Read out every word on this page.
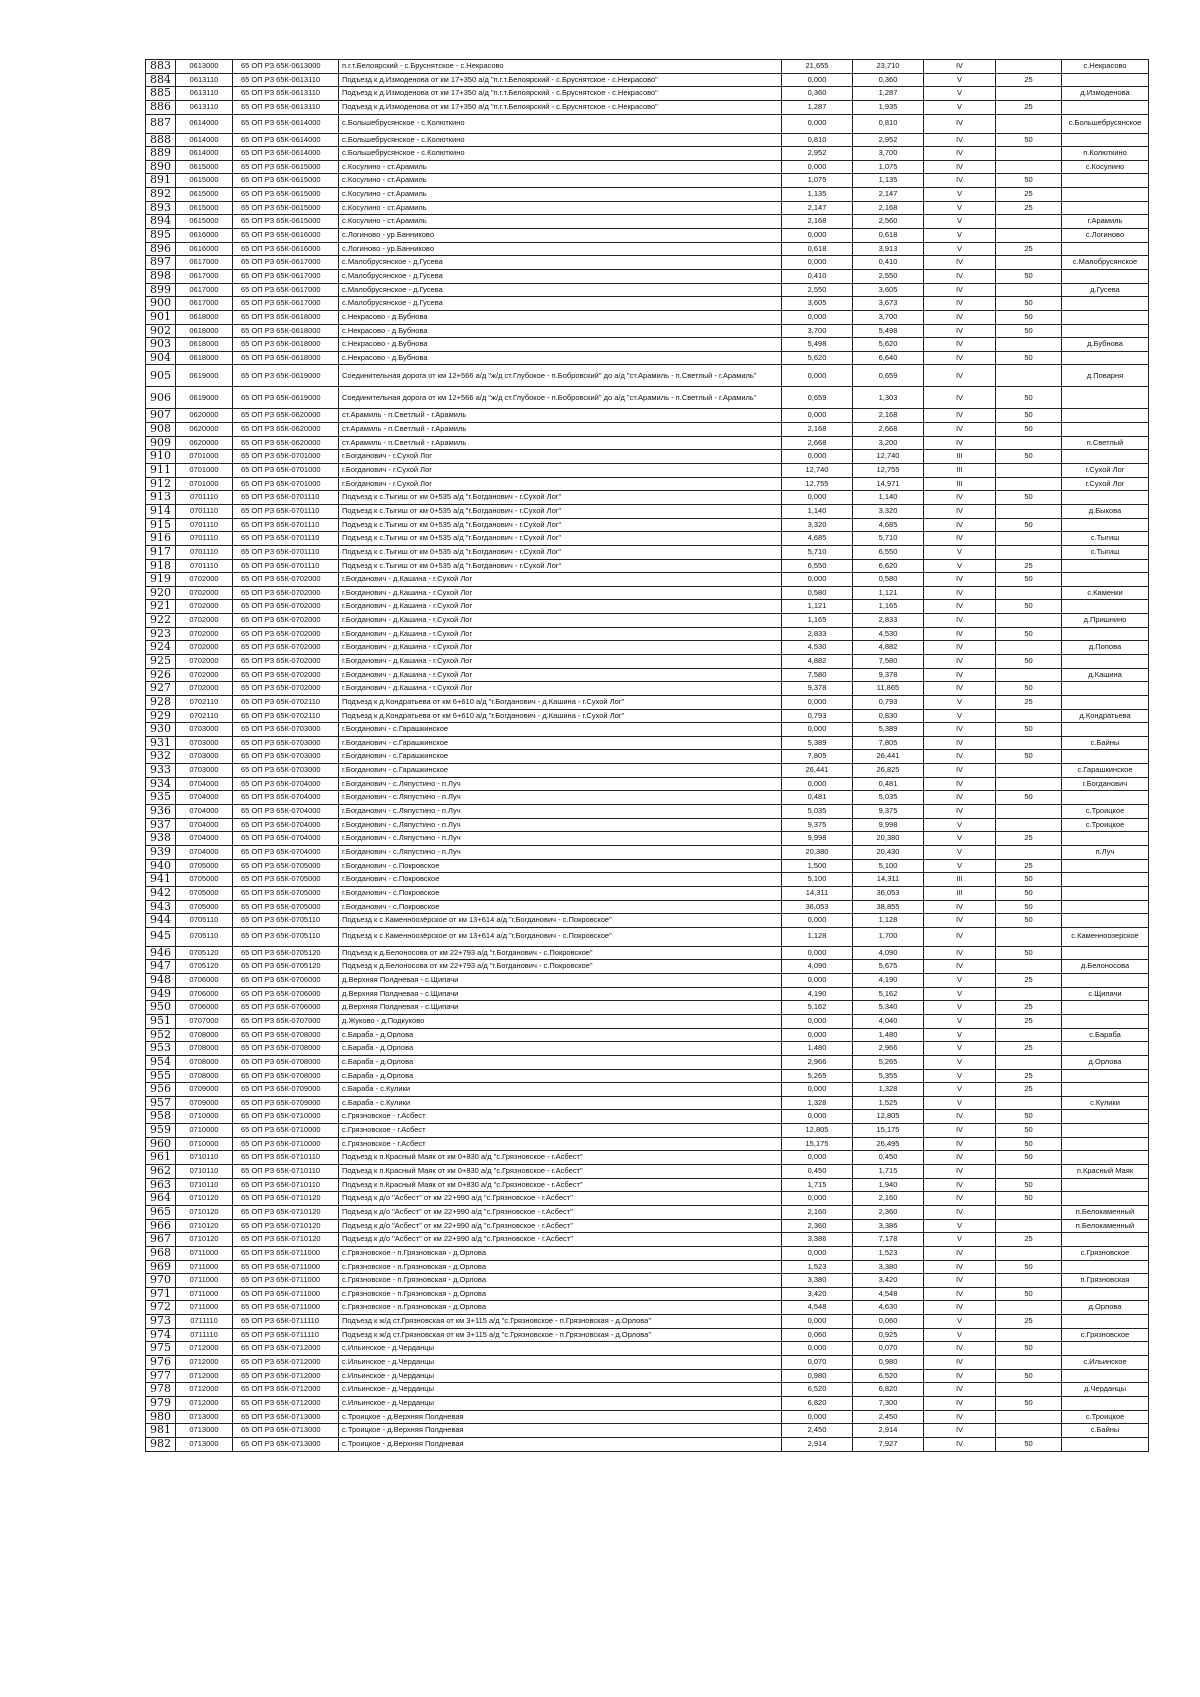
883	0613000	65 ОП РЗ 65К-0613000	п.г.т.Белоярский - с.Бруснятское - с.Некрасово	21,655	23,710	IV		с.Некрасово
884	0613110	65 ОП РЗ 65К-0613110	Подъезд к д.Измоденова от км 17+350 а/д "п.г.т.Белоярский - с.Бруснятское - с.Некрасово"	0,000	0,360	V	25	
885	0613110	65 ОП РЗ 65К-0613110	Подъезд к д.Измоденова от км 17+350 а/д "п.г.т.Белоярский - с.Бруснятское - с.Некрасово"	0,360	1,287	V		д.Измоденова
886	0613110	65 ОП РЗ 65К-0613110	Подъезд к д.Измоденова от км 17+350 а/д "п.г.т.Белоярский - с.Бруснятское - с.Некрасово"	1,287	1,935	V	25	
887	0614000	65 ОП РЗ 65К-0614000	с.Большебрусянское - с.Колюткино	0,000	0,810	IV		с.Большебрусянское
888	0614000	65 ОП РЗ 65К-0614000	с.Большебрусянское - с.Колюткино	0,810	2,952	IV	50	
889	0614000	65 ОП РЗ 65К-0614000	с.Большебрусянское - с.Колюткино	2,952	3,700	IV		п.Колюткино
890	0615000	65 ОП РЗ 65К-0615000	с.Косулино - ст.Арамиль	0,000	1,075	IV		с.Косулино
891	0615000	65 ОП РЗ 65К-0615000	с.Косулино - ст.Арамиль	1,075	1,135	IV	50	
892	0615000	65 ОП РЗ 65К-0615000	с.Косулино - ст.Арамиль	1,135	2,147	V	25	
893	0615000	65 ОП РЗ 65К-0615000	с.Косулино - ст.Арамиль	2,147	2,168	V	25	
894	0615000	65 ОП РЗ 65К-0615000	с.Косулино - ст.Арамиль	2,168	2,560	V		г.Арамиль
895	0616000	65 ОП РЗ 65К-0616000	с.Логиново - ур.Банниково	0,000	0,618	V		с.Логиново
896	0616000	65 ОП РЗ 65К-0616000	с.Логиново - ур.Банниково	0,618	3,913	V	25	
897	0617000	65 ОП РЗ 65К-0617000	с.Малобрусянское - д.Гусева	0,000	0,410	IV		с.Малобрусянское
898	0617000	65 ОП РЗ 65К-0617000	с.Малобрусянское - д.Гусева	0,410	2,550	IV	50	
899	0617000	65 ОП РЗ 65К-0617000	с.Малобрусянское - д.Гусева	2,550	3,605	IV		д.Гусева
900	0617000	65 ОП РЗ 65К-0617000	с.Малобрусянское - д.Гусева	3,605	3,673	IV	50	
901	0618000	65 ОП РЗ 65К-0618000	с.Некрасово - д.Бубнова	0,000	3,700	IV	50	
902	0618000	65 ОП РЗ 65К-0618000	с.Некрасово - д.Бубнова	3,700	5,498	IV	50	
903	0618000	65 ОП РЗ 65К-0618000	с.Некрасово - д.Бубнова	5,498	5,620	IV		д.Бубнова
904	0618000	65 ОП РЗ 65К-0618000	с.Некрасово - д.Бубнова	5,620	6,640	IV	50	
905	0619000	65 ОП РЗ 65К-0619000	Соединительная дорога от км 12+566 а/д "ж/д ст.Глубокое - п.Бобровский" до а/д "ст.Арамиль - п.Светлый - г.Арамиль"	0,000	0,659	IV		д.Поварня
906	0619000	65 ОП РЗ 65К-0619000	Соединительная дорога от км 12+566 а/д "ж/д ст.Глубокое - п.Бобровский" до а/д "ст.Арамиль - п.Светлый - г.Арамиль"	0,659	1,303	IV	50	
907	0620000	65 ОП РЗ 65К-0620000	ст.Арамиль - п.Светлый - г.Арамиль	0,000	2,168	IV	50	
908	0620000	65 ОП РЗ 65К-0620000	ст.Арамиль - п.Светлый - г.Арамиль	2,168	2,668	IV	50	
909	0620000	65 ОП РЗ 65К-0620000	ст.Арамиль - п.Светлый - г.Арамиль	2,668	3,200	IV		п.Светлый
910	0701000	65 ОП РЗ 65К-0701000	г.Богданович - г.Сухой Лог	0,000	12,740	III	50	
911	0701000	65 ОП РЗ 65К-0701000	г.Богданович - г.Сухой Лог	12,740	12,755	III		г.Сухой Лог
912	0701000	65 ОП РЗ 65К-0701000	г.Богданович - г.Сухой Лог	12,755	14,971	III		г.Сухой Лог
913	0701110	65 ОП РЗ 65К-0701110	Подъезд к с.Тыгиш от км 0+535 а/д "г.Богданович - г.Сухой Лог"	0,000	1,140	IV	50	
914	0701110	65 ОП РЗ 65К-0701110	Подъезд к с.Тыгиш от км 0+535 а/д "г.Богданович - г.Сухой Лог"	1,140	3,320	IV		д.Быкова
915	0701110	65 ОП РЗ 65К-0701110	Подъезд к с.Тыгиш от км 0+535 а/д "г.Богданович - г.Сухой Лог"	3,320	4,685	IV	50	
916	0701110	65 ОП РЗ 65К-0701110	Подъезд к с.Тыгиш от км 0+535 а/д "г.Богданович - г.Сухой Лог"	4,685	5,710	IV		с.Тыгиш
917	0701110	65 ОП РЗ 65К-0701110	Подъезд к с.Тыгиш от км 0+535 а/д "г.Богданович - г.Сухой Лог"	5,710	6,550	V		с.Тыгиш
918	0701110	65 ОП РЗ 65К-0701110	Подъезд к с.Тыгиш от км 0+535 а/д "г.Богданович - г.Сухой Лог"	6,550	6,620	V	25	
919	0702000	65 ОП РЗ 65К-0702000	г.Богданович - д.Кашина - г.Сухой Лог	0,000	0,580	IV	50	
920	0702000	65 ОП РЗ 65К-0702000	г.Богданович - д.Кашина - г.Сухой Лог	0,580	1,121	IV		с.Каменки
921	0702000	65 ОП РЗ 65К-0702000	г.Богданович - д.Кашина - г.Сухой Лог	1,121	1,165	IV	50	
922	0702000	65 ОП РЗ 65К-0702000	г.Богданович - д.Кашина - г.Сухой Лог	1,165	2,833	IV		д.Пришнино
923	0702000	65 ОП РЗ 65К-0702000	г.Богданович - д.Кашина - г.Сухой Лог	2,833	4,530	IV	50	
924	0702000	65 ОП РЗ 65К-0702000	г.Богданович - д.Кашина - г.Сухой Лог	4,530	4,882	IV		д.Попова
925	0702000	65 ОП РЗ 65К-0702000	г.Богданович - д.Кашина - г.Сухой Лог	4,882	7,580	IV	50	
926	0702000	65 ОП РЗ 65К-0702000	г.Богданович - д.Кашина - г.Сухой Лог	7,580	9,378	IV		д.Кашина
927	0702000	65 ОП РЗ 65К-0702000	г.Богданович - д.Кашина - г.Сухой Лог	9,378	11,865	IV	50	
928	0702110	65 ОП РЗ 65К-0702110	Подъезд к д.Кондратьева от км 6+610 а/д "г.Богданович - д.Кашина - г.Сухой Лог"	0,000	0,793	V	25	
929	0702110	65 ОП РЗ 65К-0702110	Подъезд к д.Кондратьева от км 6+610 а/д "г.Богданович - д.Кашина - г.Сухой Лог"	0,793	0,830	V		д.Кондратьева
930	0703000	65 ОП РЗ 65К-0703000	г.Богданович - с.Гарашкинское	0,000	5,389	IV	50	
931	0703000	65 ОП РЗ 65К-0703000	г.Богданович - с.Гарашкинское	5,389	7,805	IV		с.Байны
932	0703000	65 ОП РЗ 65К-0703000	г.Богданович - с.Гарашкинское	7,805	26,441	IV	50	
933	0703000	65 ОП РЗ 65К-0703000	г.Богданович - с.Гарашкинское	26,441	26,825	IV		с.Гарашкинское
934	0704000	65 ОП РЗ 65К-0704000	г.Богданович - с.Ляпустино - п.Луч	0,000	0,481	IV		г.Богданович
935	0704000	65 ОП РЗ 65К-0704000	г.Богданович - с.Ляпустино - п.Луч	0,481	5,035	IV	50	
936	0704000	65 ОП РЗ 65К-0704000	г.Богданович - с.Ляпустино - п.Луч	5,035	9,375	IV		с.Троицкое
937	0704000	65 ОП РЗ 65К-0704000	г.Богданович - с.Ляпустино - п.Луч	9,375	9,998	V		с.Троицкое
938	0704000	65 ОП РЗ 65К-0704000	г.Богданович - с.Ляпустино - п.Луч	9,998	20,380	V	25	
939	0704000	65 ОП РЗ 65К-0704000	г.Богданович - с.Ляпустино - п.Луч	20,380	20,430	V		п.Луч
940	0705000	65 ОП РЗ 65К-0705000	г.Богданович - с.Покровское	1,500	5,100	V	25	
941	0705000	65 ОП РЗ 65К-0705000	г.Богданович - с.Покровское	5,100	14,311	III	50	
942	0705000	65 ОП РЗ 65К-0705000	г.Богданович - с.Покровское	14,311	36,053	III	50	
943	0705000	65 ОП РЗ 65К-0705000	г.Богданович - с.Покровское	36,053	38,855	IV	50	
944	0705110	65 ОП РЗ 65К-0705110	Подъезд к с.Каменноозёрское от км 13+614 а/д "г.Богданович - с.Покровское"	0,000	1,128	IV	50	
945	0705110	65 ОП РЗ 65К-0705110	Подъезд к с.Каменноозёрское от км 13+614 а/д "г.Богданович - с.Покровское"	1,128	1,700	IV		с.Каменноозерское
946	0705120	65 ОП РЗ 65К-0705120	Подъезд к д.Белоносова от км 22+793 а/д "г.Богданович - с.Покровское"	0,000	4,090	IV	50	
947	0705120	65 ОП РЗ 65К-0705120	Подъезд к д.Белоносова от км 22+793 а/д "г.Богданович - с.Покровское"	4,090	5,675	IV		д.Белоносова
948	0706000	65 ОП РЗ 65К-0706000	д.Верхняя Полдневая - с.Щипачи	0,000	4,190	V	25	
949	0706000	65 ОП РЗ 65К-0706000	д.Верхняя Полдневая - с.Щипачи	4,190	5,162	V		с.Щипачи
950	0706000	65 ОП РЗ 65К-0706000	д.Верхняя Полдневая - с.Щипачи	5,162	5,340	V	25	
951	0707000	65 ОП РЗ 65К-0707000	д.Жуково - д.Подкуково	0,000	4,040	V	25	
952	0708000	65 ОП РЗ 65К-0708000	с.Бараба - д.Орлова	0,000	1,480	V		с.Бараба
953	0708000	65 ОП РЗ 65К-0708000	с.Бараба - д.Орлова	1,480	2,966	V	25	
954	0708000	65 ОП РЗ 65К-0708000	с.Бараба - д.Орлова	2,966	5,265	V		д.Орлова
955	0708000	65 ОП РЗ 65К-0708000	с.Бараба - д.Орлова	5,265	5,355	V	25	
956	0709000	65 ОП РЗ 65К-0709000	с.Бараба - с.Кулики	0,000	1,328	V	25	
957	0709000	65 ОП РЗ 65К-0709000	с.Бараба - с.Кулики	1,328	1,525	V		с.Кулики
958	0710000	65 ОП РЗ 65К-0710000	с.Грязновское - г.Асбест	0,000	12,805	IV	50	
959	0710000	65 ОП РЗ 65К-0710000	с.Грязновское - г.Асбест	12,805	15,175	IV	50	
960	0710000	65 ОП РЗ 65К-0710000	с.Грязновское - г.Асбест	15,175	26,495	IV	50	
961	0710110	65 ОП РЗ 65К-0710110	Подъезд к п.Красный Маяк от км 0+830 а/д "с.Грязновское - г.Асбест"	0,000	0,450	IV	50	
962	0710110	65 ОП РЗ 65К-0710110	Подъезд к п.Красный Маяк от км 0+830 а/д "с.Грязновское - г.Асбест"	0,450	1,715	IV		п.Красный Маяк
963	0710110	65 ОП РЗ 65К-0710110	Подъезд к п.Красный Маяк от км 0+830 а/д "с.Грязновское - г.Асбест"	1,715	1,940	IV	50	
964	0710120	65 ОП РЗ 65К-0710120	Подъезд к д/о "Асбест" от км 22+990 а/д "с.Грязновское - г.Асбест"	0,000	2,160	IV	50	
965	0710120	65 ОП РЗ 65К-0710120	Подъезд к д/о "Асбест" от км 22+990 а/д "с.Грязновское - г.Асбест"	2,160	2,360	IV		п.Белокаменный
966	0710120	65 ОП РЗ 65К-0710120	Подъезд к д/о "Асбест" от км 22+990 а/д "с.Грязновское - г.Асбест"	2,360	3,386	V		п.Белокаменный
967	0710120	65 ОП РЗ 65К-0710120	Подъезд к д/о "Асбест" от км 22+990 а/д "с.Грязновское - г.Асбест"	3,386	7,178	V	25	
968	0711000	65 ОП РЗ 65К-0711000	с.Грязновское - п.Грязновская - д.Орлова	0,000	1,523	IV		с.Грязновское
969	0711000	65 ОП РЗ 65К-0711000	с.Грязновское - п.Грязновская - д.Орлова	1,523	3,380	IV	50	
970	0711000	65 ОП РЗ 65К-0711000	с.Грязновское - п.Грязновская - д.Орлова	3,380	3,420	IV		п.Грязновская
971	0711000	65 ОП РЗ 65К-0711000	с.Грязновское - п.Грязновская - д.Орлова	3,420	4,548	IV	50	
972	0711000	65 ОП РЗ 65К-0711000	с.Грязновское - п.Грязновская - д.Орлова	4,548	4,630	IV		д.Орлова
973	0711110	65 ОП РЗ 65К-0711110	Подъезд к ж/д ст.Грязновская от км 3+115 а/д "с.Грязновское - п.Грязновская - д.Орлова"	0,000	0,060	V	25	
974	0711110	65 ОП РЗ 65К-0711110	Подъезд к ж/д ст.Грязновская от км 3+115 а/д "с.Грязновское - п.Грязновская - д.Орлова"	0,060	0,925	V		с.Грязновское
975	0712000	65 ОП РЗ 65К-0712000	с.Ильинское - д.Черданцы	0,000	0,070	IV	50	
976	0712000	65 ОП РЗ 65К-0712000	с.Ильинское - д.Черданцы	0,070	0,980	IV		с.Ильинское
977	0712000	65 ОП РЗ 65К-0712000	с.Ильинское - д.Черданцы	0,980	6,520	IV	50	
978	0712000	65 ОП РЗ 65К-0712000	с.Ильинское - д.Черданцы	6,520	6,820	IV		д.Черданцы
979	0712000	65 ОП РЗ 65К-0712000	с.Ильинское - д.Черданцы	6,820	7,300	IV	50	
980	0713000	65 ОП РЗ 65К-0713000	с.Троицкое - д.Верхняя Полдневая	0,000	2,450	IV		с.Троицкое
981	0713000	65 ОП РЗ 65К-0713000	с.Троицкое - д.Верхняя Полдневая	2,450	2,914	IV		с.Байны
982	0713000	65 ОП РЗ 65К-0713000	с.Троицкое - д.Верхняя Полдневая	2,914	7,927	IV	50	
